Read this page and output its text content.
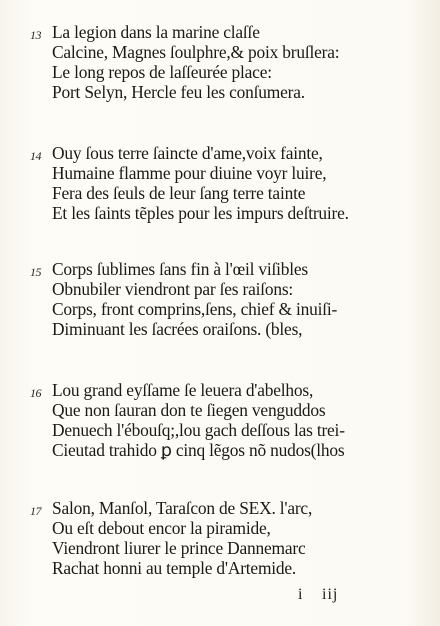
13 La legion dans la marine claſſe
Calcine, Magnes ſoulphre,& poix bruſlera:
Le long repos de laſſeurée place:
Port Selyn, Hercle feu les conſumera.
14 Ouy ſous terre ſaincte d'ame,voix fainte,
Humaine flamme pour diuine voyr luire,
Fera des ſeuls de leur ſang terre tainte
Et les ſaints tẽples pour les impurs deſtruire.
15 Corps ſublimes ſans fin à l'œil viſibles
Obnubiler viendront par ſes raiſons:
Corps, front comprins,ſens, chief & inuiſi-
Diminuant les ſacrées oraiſons. (bles,
16 Lou grand eyſſame ſe leuera d'abelhos,
Que non ſauran don te ſiegen venguddos
Denuech l'ébouſq;,lou gach deſſous las trei-
Cieutad trahido ꝑ cinq lẽgos nõ nudos(lhos
17 Salon, Manſol, Taraſcon de SEX. l'arc,
Ou eſt debout encor la piramide,
Viendront liurer le prince Dannemarc
Rachat honni au temple d'Artemide.
i iij
